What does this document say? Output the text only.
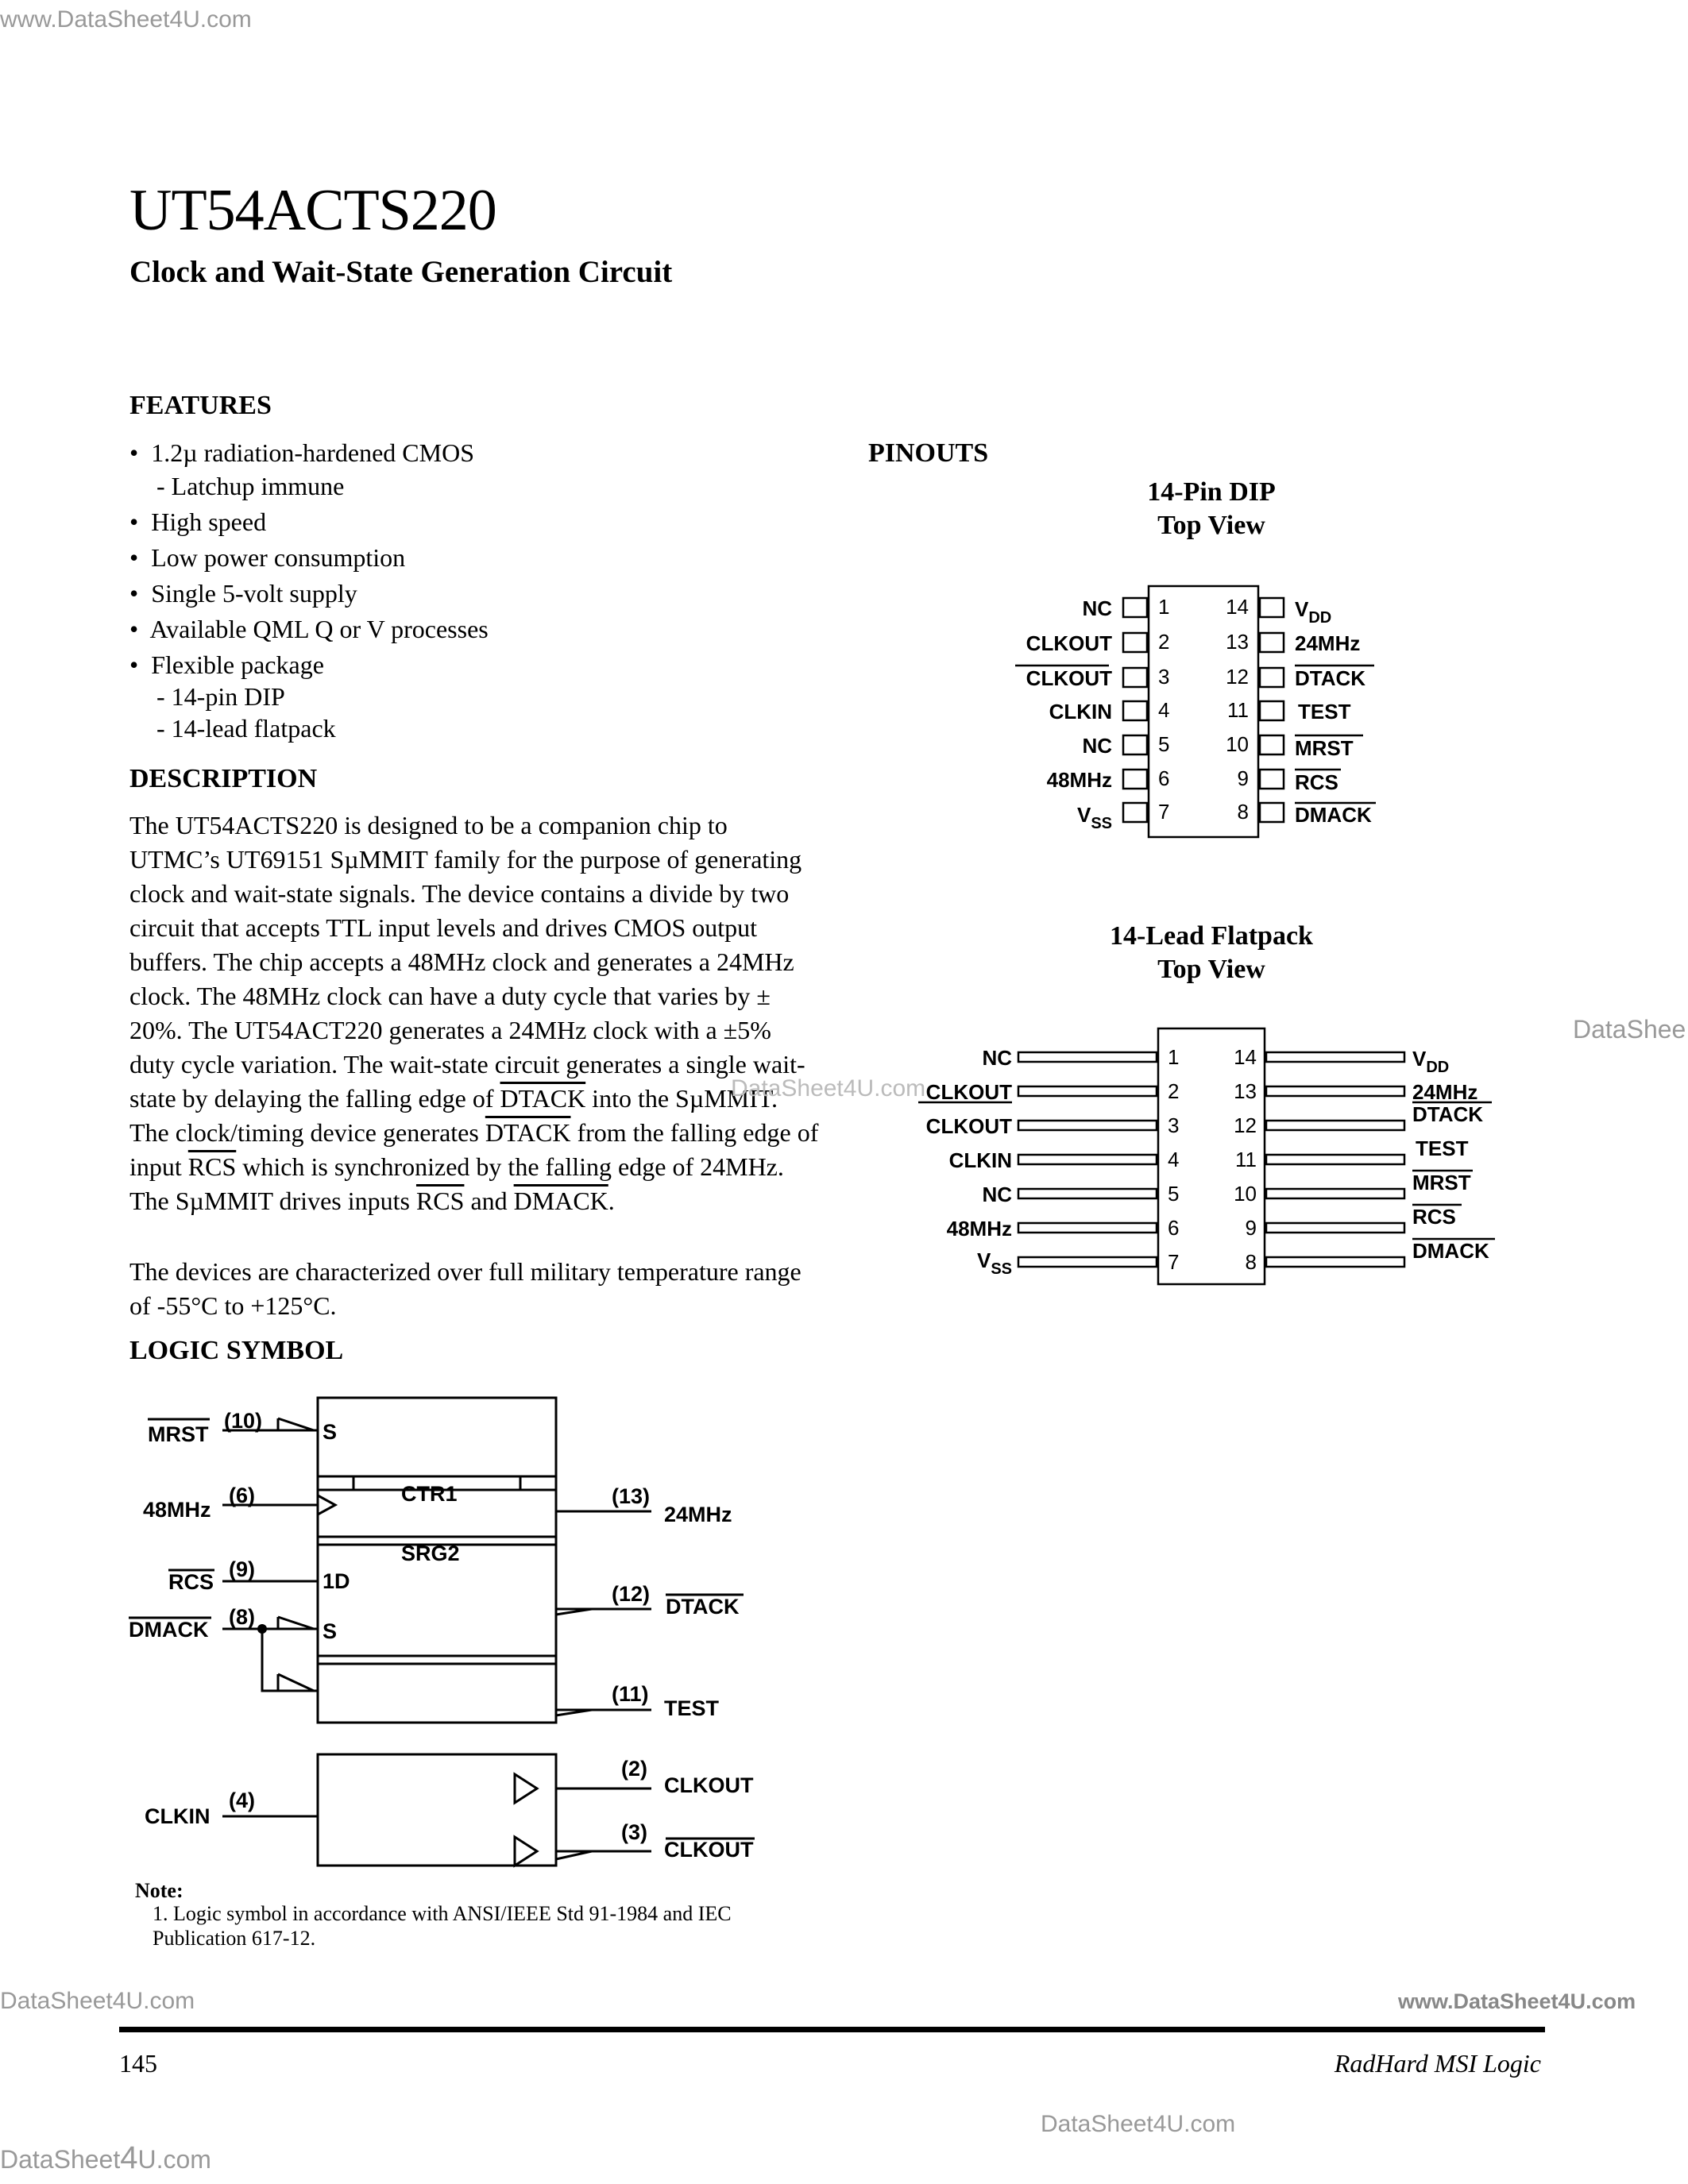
www.DataSheet4U.com
DataShee
DataSheet4U.com	www.DataSheet4U.com
DataSheet4U.com
DataSheet4U.com
UT54ACTS220
Clock and Wait-State Generation Circuit
FEATURES
•  1.2µ radiation-hardened CMOS
- Latchup immune
•  High speed
•  Low power consumption
•  Single 5-volt supply
•  Available QML Q or V processes
•  Flexible package
- 14-pin DIP
- 14-lead flatpack
DESCRIPTION
The UT54ACTS220 is designed to be a companion chip to UTMC’s UT69151 SµMMIT family for the purpose of generating clock and wait-state signals. The device contains a divide by two circuit that accepts TTL input levels and drives CMOS output buffers. The chip accepts a 48MHz clock and generates a 24MHz clock. The 48MHz clock can have a duty cycle that varies by ± 20%. The UT54ACT220 generates a 24MHz clock with a ±5% duty cycle variation. The wait-state circuit generates a single wait-state by delaying the falling edge of DTACK into the SµMMIT. The clock/timing device generates DTACK from the falling edge of input $\overline{RCS}$ which is synchronized by the falling edge of 24MHz. The SµMMIT drives inputs $\overline{RCS}$ and DMACK.
The devices are characterized over full military temperature range of -55°C to +125°C.
LOGIC SYMBOL
MRST
(10)
48MHz
(6)
RCS
(9)
DMACK
(8)
CLKIN
(4)
24MHz
(13)
DTACK
(12)
TEST
(11)
CLKOUT
(2)
CLKOUT
(3)
S
CTR1
SRG2
1D
S
Note:
1. Logic symbol in accordance with ANSI/IEEE Std 91-1984 and IEC Publication 617-12.
PINOUTS
14-Pin DIP
Top View
NC
CLKOUT
CLKOUT
CLKIN
NC
48MHz
$V_{SS}$
$V_{DD}$
24MHz
DTACK
TEST
MRST
RCS
DMACK
1
2
3
4
5
6
7
14
13
12
11
10
9
8
14-Lead Flatpack
Top View
NC
CLKOUT
CLKOUT
CLKIN
NC
48MHz
$V_{SS}$
$V_{DD}$
24MHz
DTACK
TEST
MRST
RCS
DMACK
1
2
3
4
5
6
7
14
13
12
11
10
9
8
DataSheet4U.com
145	RadHard MSI Logic
